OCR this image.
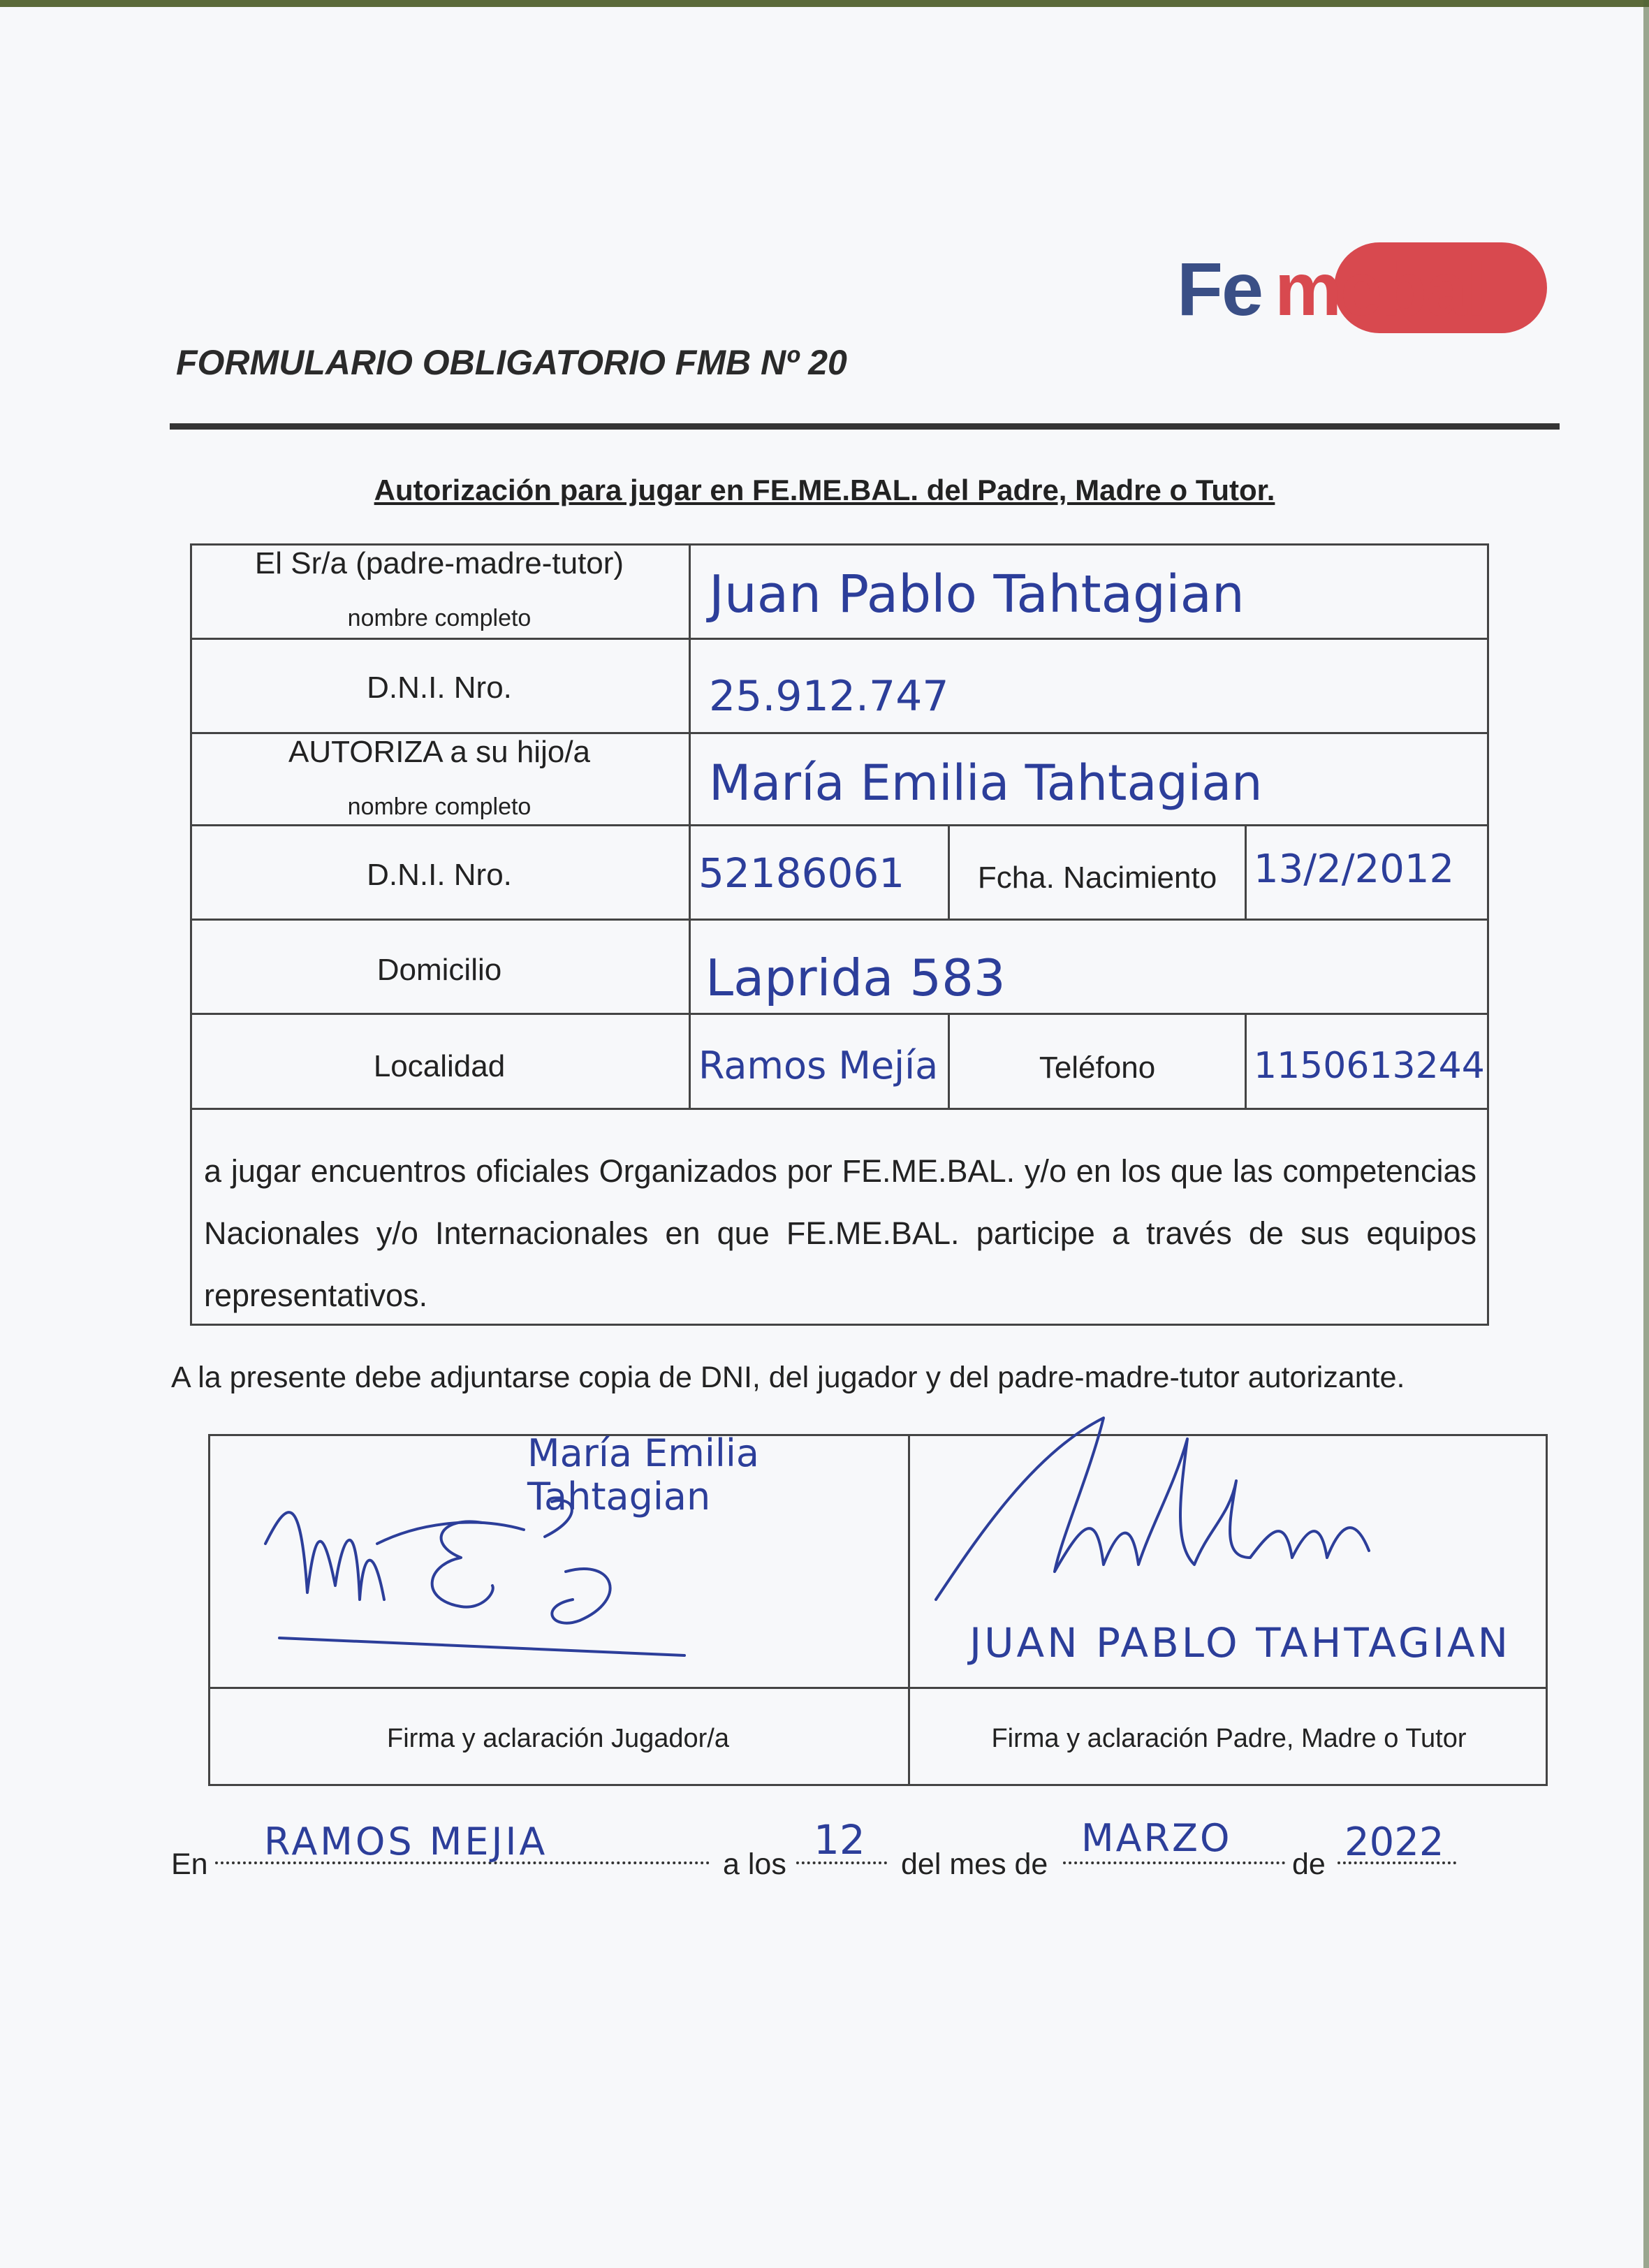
Fe mebal
FORMULARIO OBLIGATORIO FMB Nº 20
Autorización para jugar en FE.ME.BAL. del Padre, Madre o Tutor.
El Sr/a (padre-madre-tutor)
nombre completo	Juan Pablo Tahtagian
D.N.I. Nro.	25.912.747
AUTORIZA a su hijo/a
nombre completo	María Emilia Tahtagian
D.N.I. Nro.	52186061	Fcha. Nacimiento 13/2/2012
Domicilio	Laprida 583
Localidad	Ramos Mejía	Teléfono	1150613244
a jugar encuentros oficiales Organizados por FE.ME.BAL. y/o en los que las competencias Nacionales y/o Internacionales en que FE.ME.BAL. participe a través de sus equipos representativos.
A la presente debe adjuntarse copia de DNI, del jugador y del padre-madre-tutor autorizante.
María Emilia Tahtagian
JUAN PABLO TAHTAGIAN
Firma y aclaración Jugador/a	Firma y aclaración Padre, Madre o Tutor
En
RAMOS MEJIA
a los
12
del mes de
MARZO
de 2022
